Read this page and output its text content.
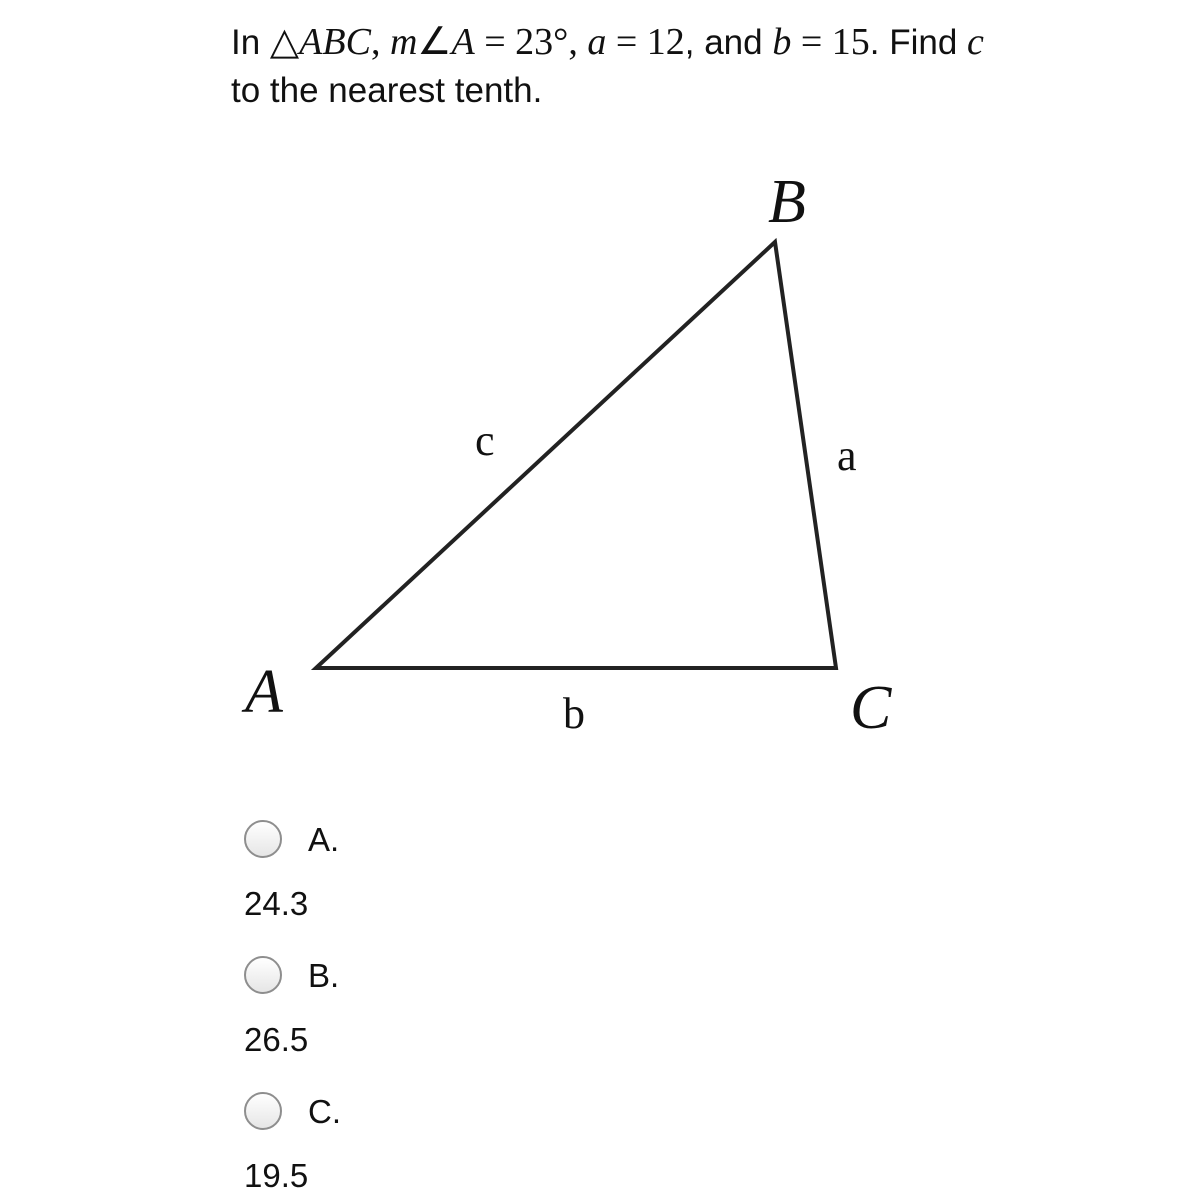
In △ABC, m∠A = 23°, a = 12, and b = 15. Find c
to the nearest tenth.
B
A	C
c	a
b
A.
24.3
B.
26.5
C.
19.5
